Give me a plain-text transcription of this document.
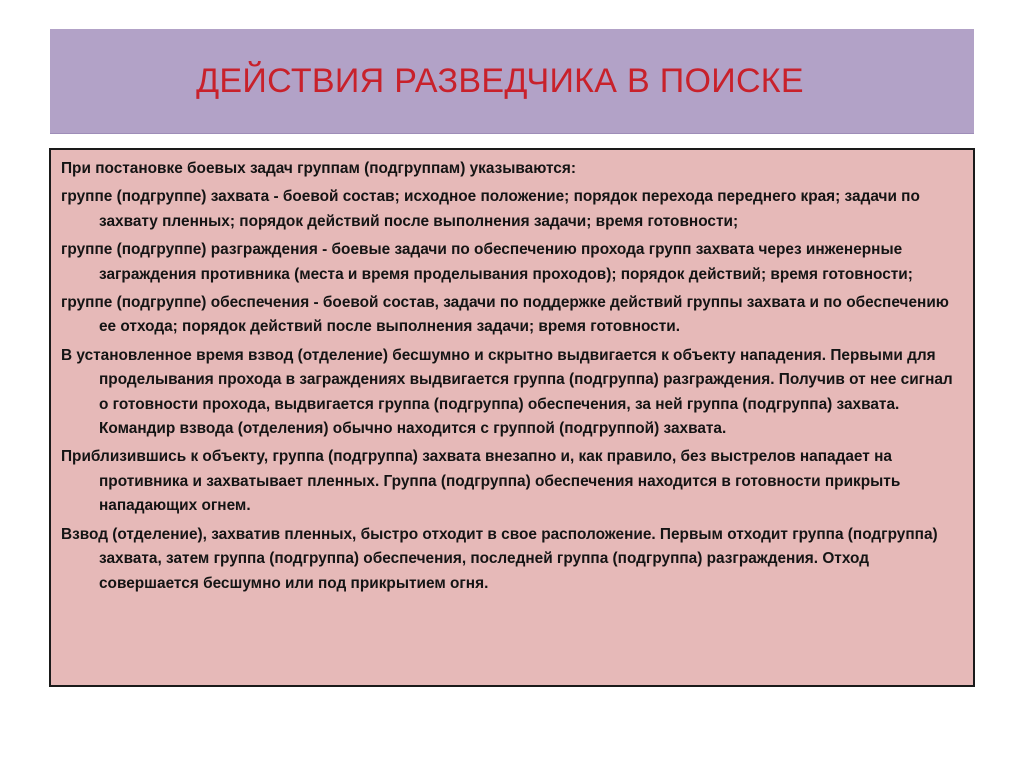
ДЕЙСТВИЯ РАЗВЕДЧИКА В ПОИСКЕ

При постановке боевых задач группам (подгруппам) указываются:

группе (подгруппе) захвата - боевой состав; исходное положение; порядок перехода переднего края; задачи по захвату пленных; порядок действий после выполнения задачи; время готовности;

группе (подгруппе) разграждения - боевые задачи по обеспечению прохода групп захвата через инженерные заграждения противника (места и время проделывания проходов); порядок действий; время готовности;

группе (подгруппе) обеспечения - боевой состав, задачи по поддержке действий группы захвата и по обеспечению ее отхода; порядок действий после выполнения задачи; время готовности.

В установленное время взвод (отделение) бесшумно и скрытно выдвигается к объекту нападения. Первыми для проделывания прохода в заграждениях выдвигается группа (подгруппа) разграждения. Получив от нее сигнал о готовности прохода, выдвигается группа (подгруппа) обеспечения, за ней группа (подгруппа) захвата. Командир взвода (отделения) обычно находится с группой (подгруппой) захвата.

Приблизившись к объекту, группа (подгруппа) захвата внезапно и, как правило, без выстрелов нападает на противника и захватывает пленных. Группа (подгруппа) обеспечения находится в готовности прикрыть нападающих огнем.

Взвод (отделение), захватив пленных, быстро отходит в свое расположение. Первым отходит группа (подгруппа) захвата, затем группа (подгруппа) обеспечения, последней группа (подгруппа) разграждения. Отход совершается бесшумно или под прикрытием огня.
